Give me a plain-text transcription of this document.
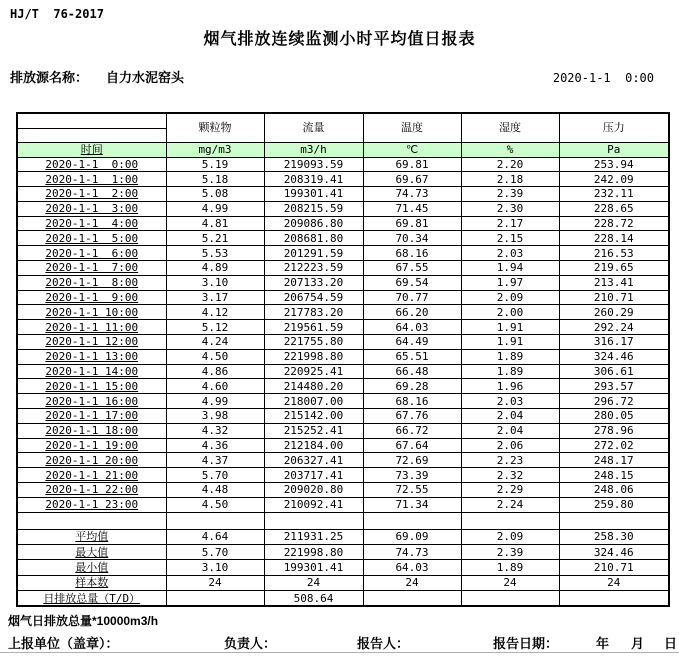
HJ/T  76-2017
烟气排放连续监测小时平均值日报表
排放源名称： 自力水泥窑头	2020-1-1  0:00
	颗粒物	流量	温度	湿度	压力

时间	mg/m3	m3/h	℃	%	Pa
2020-1-1  0:00	5.19	219093.59	69.81	2.20	253.94
2020-1-1  1:00	5.18	208319.41	69.67	2.18	242.09
2020-1-1  2:00	5.08	199301.41	74.73	2.39	232.11
2020-1-1  3:00	4.99	208215.59	71.45	2.30	228.65
2020-1-1  4:00	4.81	209086.80	69.81	2.17	228.72
2020-1-1  5:00	5.21	208681.80	70.34	2.15	228.14
2020-1-1  6:00	5.53	201291.59	68.16	2.03	216.53
2020-1-1  7:00	4.89	212223.59	67.55	1.94	219.65
2020-1-1  8:00	3.10	207133.20	69.54	1.97	213.41
2020-1-1  9:00	3.17	206754.59	70.77	2.09	210.71
2020-1-1 10:00	4.12	217783.20	66.20	2.00	260.29
2020-1-1 11:00	5.12	219561.59	64.03	1.91	292.24
2020-1-1 12:00	4.24	221755.80	64.49	1.91	316.17
2020-1-1 13:00	4.50	221998.80	65.51	1.89	324.46
2020-1-1 14:00	4.86	220925.41	66.48	1.89	306.61
2020-1-1 15:00	4.60	214480.20	69.28	1.96	293.57
2020-1-1 16:00	4.99	218007.00	68.16	2.03	296.72
2020-1-1 17:00	3.98	215142.00	67.76	2.04	280.05
2020-1-1 18:00	4.32	215252.41	66.72	2.04	278.96
2020-1-1 19:00	4.36	212184.00	67.64	2.06	272.02
2020-1-1 20:00	4.37	206327.41	72.69	2.23	248.17
2020-1-1 21:00	5.70	203717.41	73.39	2.32	248.15
2020-1-1 22:00	4.48	209020.80	72.55	2.29	248.06
2020-1-1 23:00	4.50	210092.41	71.34	2.24	259.80

平均值	4.64	211931.25	69.09	2.09	258.30
最大值	5.70	221998.80	74.73	2.39	324.46
最小值	3.10	199301.41	64.03	1.89	210.71
样本数	24	24	24	24	24
日排放总量（T/D）		508.64			
烟气日排放总量*10000m3/h
上报单位（盖章）：	负责人：	报告人：	报告日期：	年 月 日
